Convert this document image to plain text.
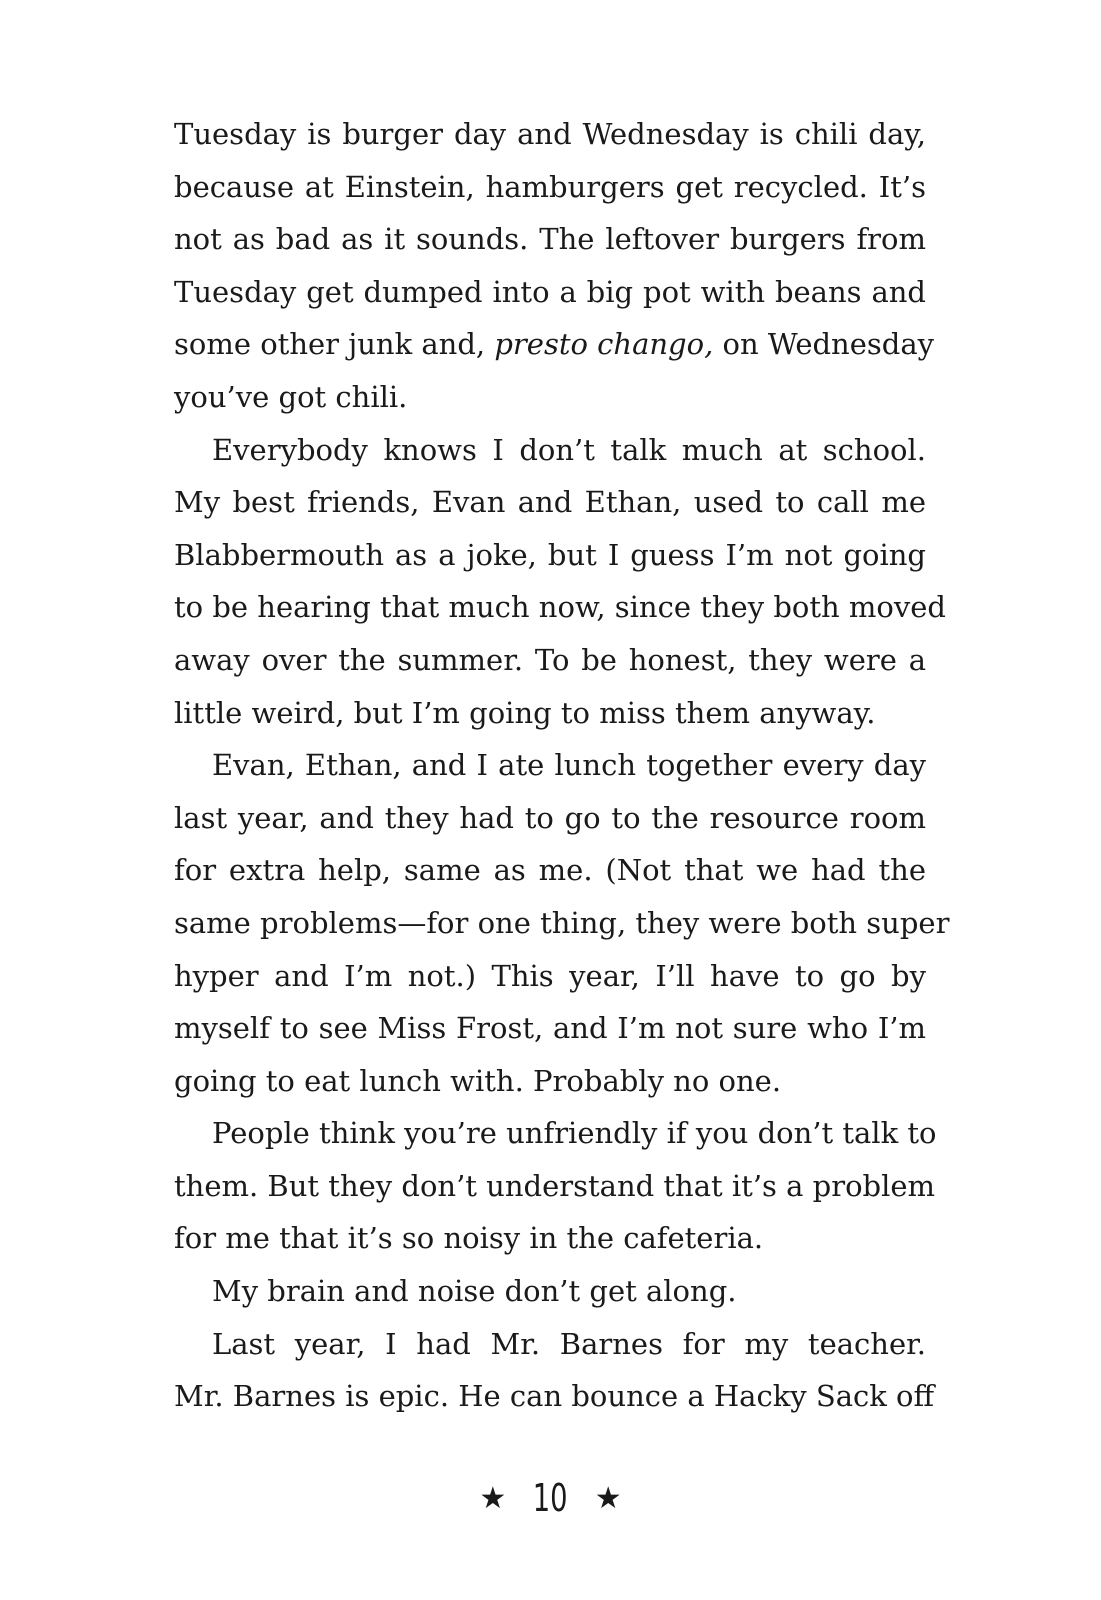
Tuesday is burger day and Wednesday is chili day,
because at Einstein, hamburgers get recycled. It’s
not as bad as it sounds. The leftover burgers from
Tuesday get dumped into a big pot with beans and
some other junk and, presto chango, on Wednesday
you’ve got chili.
Everybody knows I don’t talk much at school.
My best friends, Evan and Ethan, used to call me
Blabbermouth as a joke, but I guess I’m not going
to be hearing that much now, since they both moved
away over the summer. To be honest, they were a
little weird, but I’m going to miss them anyway.
Evan, Ethan, and I ate lunch together every day
last year, and they had to go to the resource room
for extra help, same as me. (Not that we had the
same problems—for one thing, they were both super
hyper and I’m not.) This year, I’ll have to go by
myself to see Miss Frost, and I’m not sure who I’m
going to eat lunch with. Probably no one.
People think you’re unfriendly if you don’t talk to
them. But they don’t understand that it’s a problem
for me that it’s so noisy in the cafeteria.
My brain and noise don’t get along.
Last year, I had Mr. Barnes for my teacher.
Mr. Barnes is epic. He can bounce a Hacky Sack off
★ 10 ★
